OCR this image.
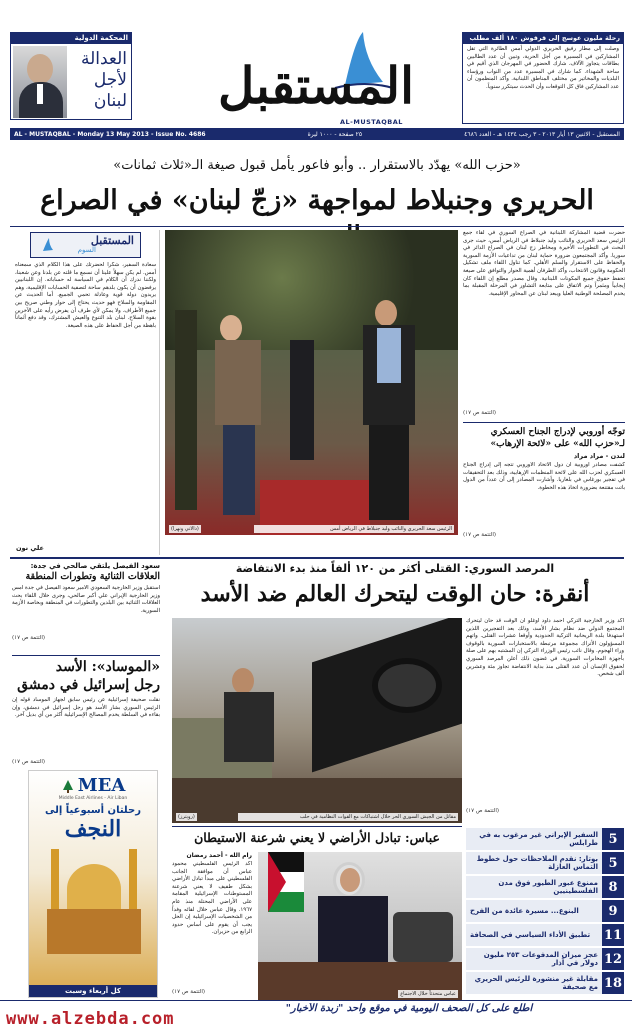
المحكمة الدولية
العدالة
لأجل
لبنان	المستقبل
AL-MUSTAQBAL
رحلة مليون عوسج إلى قرقوش ١٨٠ ألف مطلب
وصلت إلى مطار رفيق الحريري الدولي أمس الطائرة التي تقل المشاركين في المسيرة من أجل الحرية، وتبين أن عدد الطالبين بطاقات يتجاوز الآلاف. شارك الحضور في المهرجان الذي أقيم في ساحة الشهداء. كما شارك في المسيرة عدد من النواب ورؤساء البلديات والمخاتير من مختلف المناطق اللبنانية. وأكد المنظمون أن عدد المشاركين فاق كل التوقعات وأن الحدث سيتكرر سنوياً.
AL - MUSTAQBAL - Monday 13 May 2013 - Issue No. 4686	٢٥ صفحة - ١٠٠٠ ليرة	المستقبل - الاثنين ١٣ أيار ٢٠١٣ - ٣ رجب ١٤٣٤ هـ - العدد ٤٦٨٦
«حزب الله» يهدّد بالاستقرار .. وأبو فاعور يأمل قبول صيغة الـ«ثلاث ثمانات»
الحريري وجنبلاط لمواجهة «زجّ لبنان» في الصراع
المستقبل
السوم
سعادة السفير، شكراً لحضرتك على هذا الكلام الذي سمعناه أمس. لم يكن سهلاً علينا أن نسمع ما قلته عن بلدنا وعن شعبنا، ولكننا ندرك أن الكلام في السياسة له حساباته. إن اللبنانيين يرفضون أن يكون بلدهم ساحة لتصفية الحسابات الإقليمية، وهم يريدون دولة قوية وعادلة تحمي الجميع. أما الحديث عن المقاومة والسلاح فهو حديث يحتاج إلى حوار وطني صريح بين جميع الأطراف. ولا يمكن لأي طرف أن يفرض رأيه على الآخرين بقوة السلاح. لبنان بلد التنوع والعيش المشترك، وقد دفع أثماناً باهظة من أجل الحفاظ على هذه الصيغة.
علي نون
الرئيس سعد الحريري والنائب وليد جنبلاط في الرياض أمس
(دالاتي ونهرا)
حضرت قضية المشاركة اللبنانية في الصراع السوري في لقاء جمع الرئيس سعد الحريري والنائب وليد جنبلاط في الرياض أمس، حيث جرى البحث في التطورات الأخيرة ومخاطر زج لبنان في الصراع الدائر في سوريا. وأكد المجتمعون ضرورة حماية لبنان من تداعيات الأزمة السورية والحفاظ على الاستقرار والسلم الأهلي. كما تناول اللقاء ملف تشكيل الحكومة وقانون الانتخاب، وأكد الطرفان أهمية الحوار والتوافق على صيغة تحفظ حقوق جميع المكونات اللبنانية. وقال مصدر مطلع إن اللقاء كان إيجابياً ومثمراً وتم الاتفاق على متابعة التشاور في المرحلة المقبلة بما يخدم المصلحة الوطنية العليا ويبعد لبنان عن المحاور الإقليمية.
(التتمة ص ١٧)
توجّه أوروبي لإدراج الجناح العسكري لـ«حزب الله» على «لائحة الإرهاب»
لندن - مراد مراد
كشفت مصادر أوروبية أن دول الاتحاد الأوروبي تتجه إلى إدراج الجناح العسكري لحزب الله على لائحة المنظمات الإرهابية، وذلك بعد التحقيقات في تفجير بورغاس في بلغاريا. وأشارت المصادر إلى أن عدداً من الدول باتت مقتنعة بضرورة اتخاذ هذه الخطوة.
(التتمة ص ١٧)
المرصد السوري: القتلى أكثر من ١٢٠ ألفاً منذ بدء الانتفاضة
أنقرة: حان الوقت ليتحرك العالم ضد الأسد
مقاتل من الجيش السوري الحر خلال اشتباكات مع القوات النظامية في حلب
(رويترز)
أكد وزير الخارجية التركي أحمد داود أوغلو أن الوقت قد حان ليتحرك المجتمع الدولي ضد نظام بشار الأسد، وذلك بعد التفجيرين اللذين استهدفا بلدة الريحانية التركية الحدودية وأوقعا عشرات القتلى. واتهم المسؤولون الأتراك مجموعة مرتبطة بالاستخبارات السورية بالوقوف وراء الهجوم. وقال نائب رئيس الوزراء التركي إن المشتبه بهم على صلة بأجهزة المخابرات السورية. في غضون ذلك أعلن المرصد السوري لحقوق الإنسان أن عدد القتلى منذ بداية الانتفاضة تجاوز مئة وعشرين ألف شخص.
(التتمة ص ١٧)
سعود الفيصل يلتقي صالحي في جدة:
العلاقات الثنائية وتطورات المنطقة
استقبل وزير الخارجية السعودي الأمير سعود الفيصل في جدة أمس وزير الخارجية الإيراني علي أكبر صالحي، وجرى خلال اللقاء بحث العلاقات الثنائية بين البلدين والتطورات في المنطقة وبخاصة الأزمة السورية.
(التتمة ص ١٧)
«الموساد»: الأسد
رجل إسرائيل في دمشق
نقلت صحيفة إسرائيلية عن رئيس سابق لجهاز الموساد قوله إن الرئيس السوري بشار الأسد هو رجل إسرائيل في دمشق، وإن بقاءه في السلطة يخدم المصالح الإسرائيلية أكثر من أي بديل آخر.
(التتمة ص ١٧)
MEA
Middle East Airlines - Air Liban
رحلتان أسبوعياً إلى
النجف
كل أربعاء وسبت
عباس: تبادل الأراضي لا يعني شرعنة الاستيطان
رام الله - أحمد رمضان
أكد الرئيس الفلسطيني محمود عباس أن موافقة الجانب الفلسطيني على مبدأ تبادل الأراضي بشكل طفيف لا يعني شرعنة المستوطنات الإسرائيلية المقامة على الأراضي المحتلة منذ عام ١٩٦٧. وقال عباس خلال لقائه وفداً من الشخصيات الإسرائيلية إن الحل يجب أن يقوم على أساس حدود الرابع من حزيران.
(التتمة ص ١٧)	عباس متحدثاً خلال الاجتماع
السفير الإيراني غير مرغوب به في طرابلس 5
بوتار: نقدم الملاحظات حول خطوط التماس العازلة 5
ممنوع عبور الطيور فوق مدن الفلسطينيين 8
البنوع... مسيرة عائدة من الفرح	9
تطبيق الأداء السياسي في الصحافة	11
عجز ميزان المدفوعات ٢٥٣ مليون دولار في آذار 12
مقابلة غير منشورة للرئيس الحريري مع صحيفة 18
اطلع على كل الصحف اليومية في موقع واحد "زبدة الأخبار"
www.alzebda.com
